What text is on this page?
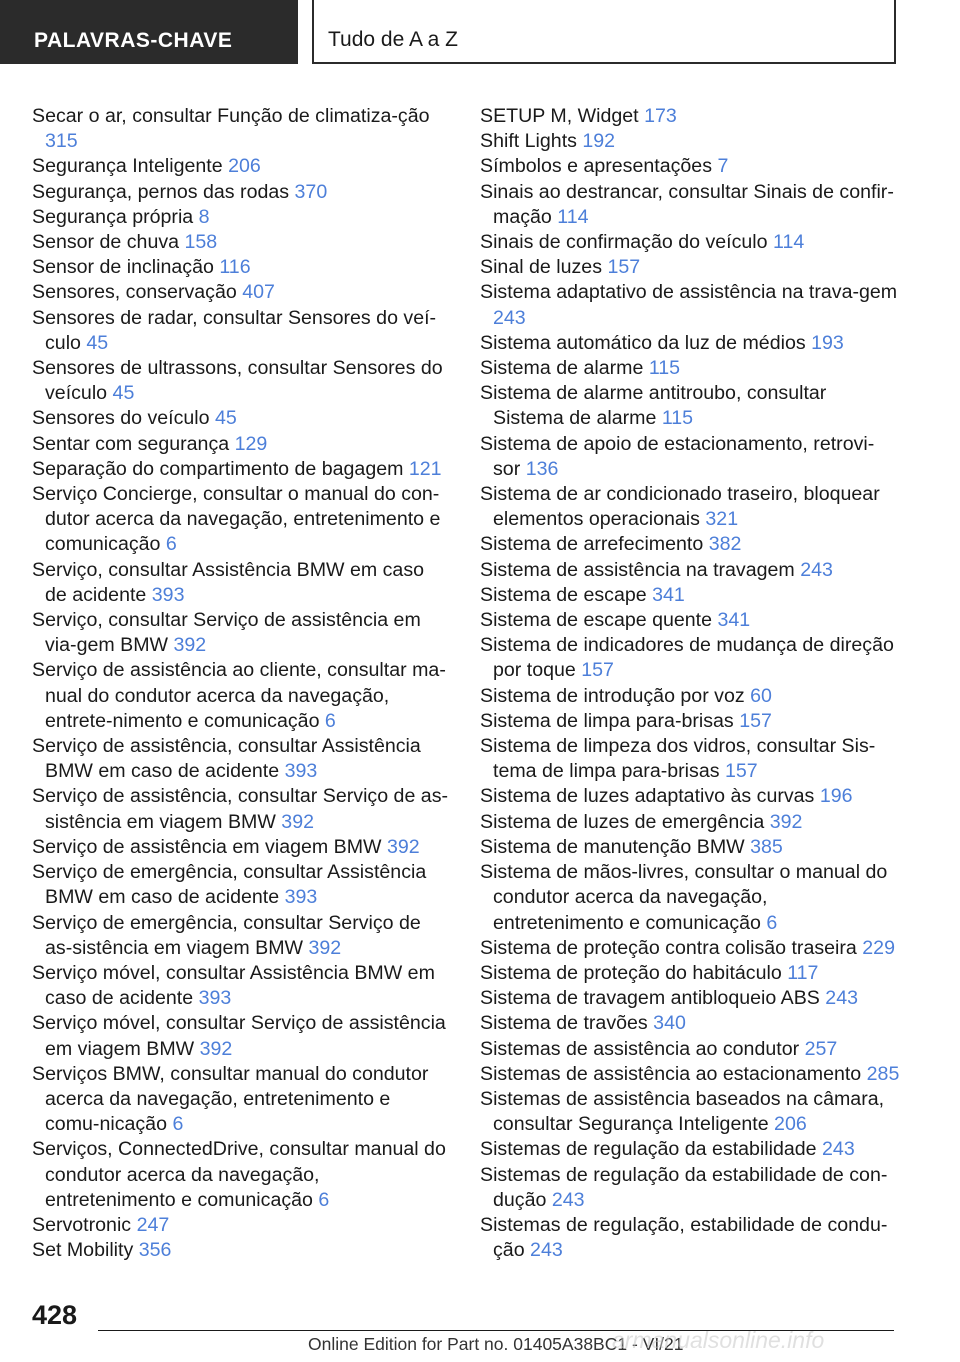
PALAVRAS-CHAVE	Tudo de A a Z
Secar o ar, consultar Função de climatiza-ção 315
Segurança Inteligente 206
Segurança, pernos das rodas 370
Segurança própria 8
Sensor de chuva 158
Sensor de inclinação 116
Sensores, conservação 407
Sensores de radar, consultar Sensores do veí-culo 45
Sensores de ultrassons, consultar Sensores do veículo 45
Sensores do veículo 45
Sentar com segurança 129
Separação do compartimento de bagagem 121
Serviço Concierge, consultar o manual do con-dutor acerca da navegação, entretenimento e comunicação 6
Serviço, consultar Assistência BMW em caso de acidente 393
Serviço, consultar Serviço de assistência em via-gem BMW 392
Serviço de assistência ao cliente, consultar ma-nual do condutor acerca da navegação, entrete-nimento e comunicação 6
Serviço de assistência, consultar Assistência BMW em caso de acidente 393
Serviço de assistência, consultar Serviço de as-sistência em viagem BMW 392
Serviço de assistência em viagem BMW 392
Serviço de emergência, consultar Assistência BMW em caso de acidente 393
Serviço de emergência, consultar Serviço de as-sistência em viagem BMW 392
Serviço móvel, consultar Assistência BMW em caso de acidente 393
Serviço móvel, consultar Serviço de assistência em viagem BMW 392
Serviços BMW, consultar manual do condutor acerca da navegação, entretenimento e comu-nicação 6
Serviços, ConnectedDrive, consultar manual do condutor acerca da navegação, entretenimento e comunicação 6
Servotronic 247
Set Mobility 356
SETUP M, Widget 173
Shift Lights 192
Símbolos e apresentações 7
Sinais ao destrancar, consultar Sinais de confir-mação 114
Sinais de confirmação do veículo 114
Sinal de luzes 157
Sistema adaptativo de assistência na trava-gem 243
Sistema automático da luz de médios 193
Sistema de alarme 115
Sistema de alarme antitroubo, consultar Sistema de alarme 115
Sistema de apoio de estacionamento, retrovi-sor 136
Sistema de ar condicionado traseiro, bloquear elementos operacionais 321
Sistema de arrefecimento 382
Sistema de assistência na travagem 243
Sistema de escape 341
Sistema de escape quente 341
Sistema de indicadores de mudança de direção por toque 157
Sistema de introdução por voz 60
Sistema de limpa para-brisas 157
Sistema de limpeza dos vidros, consultar Sis-tema de limpa para-brisas 157
Sistema de luzes adaptativo às curvas 196
Sistema de luzes de emergência 392
Sistema de manutenção BMW 385
Sistema de mãos-livres, consultar o manual do condutor acerca da navegação, entretenimento e comunicação 6
Sistema de proteção contra colisão traseira 229
Sistema de proteção do habitáculo 117
Sistema de travagem antibloqueio ABS 243
Sistema de travões 340
Sistemas de assistência ao condutor 257
Sistemas de assistência ao estacionamento 285
Sistemas de assistência baseados na câmara, consultar Segurança Inteligente 206
Sistemas de regulação da estabilidade 243
Sistemas de regulação da estabilidade de con-dução 243
Sistemas de regulação, estabilidade de condu-ção 243
428
Online Edition for Part no. 01405A38BC1 - VI/21
armanualsonline.info
